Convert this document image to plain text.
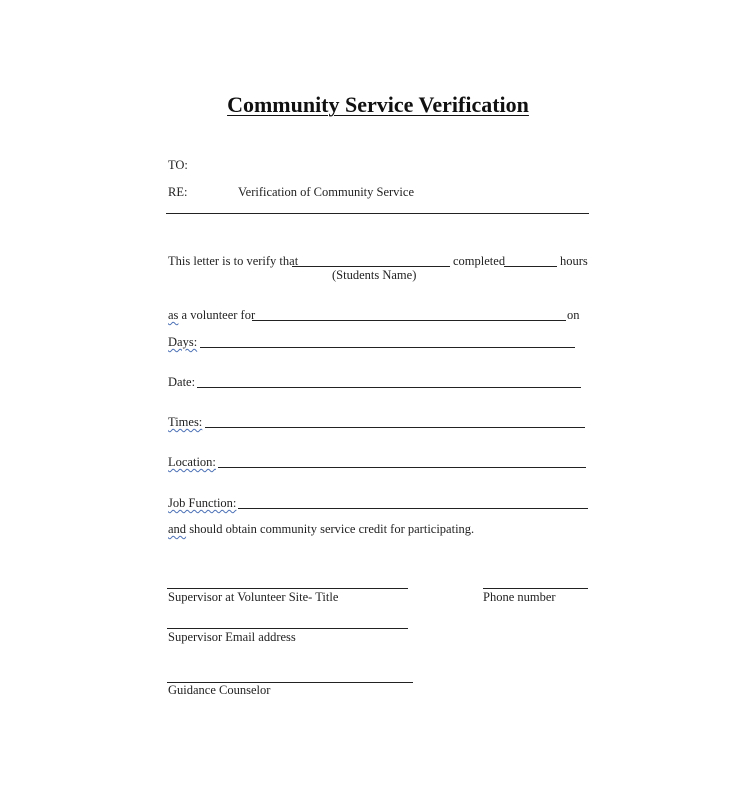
Community Service Verification
TO:
RE:	Verification of Community Service
This letter is to verify that	completed	hours
(Students Name)
as a volunteer for	on
Days:
Date:
Times:
Location:
Job Function:
and should obtain community service credit for participating.
Supervisor at Volunteer Site- Title	Phone number
Supervisor Email address
Guidance Counselor
